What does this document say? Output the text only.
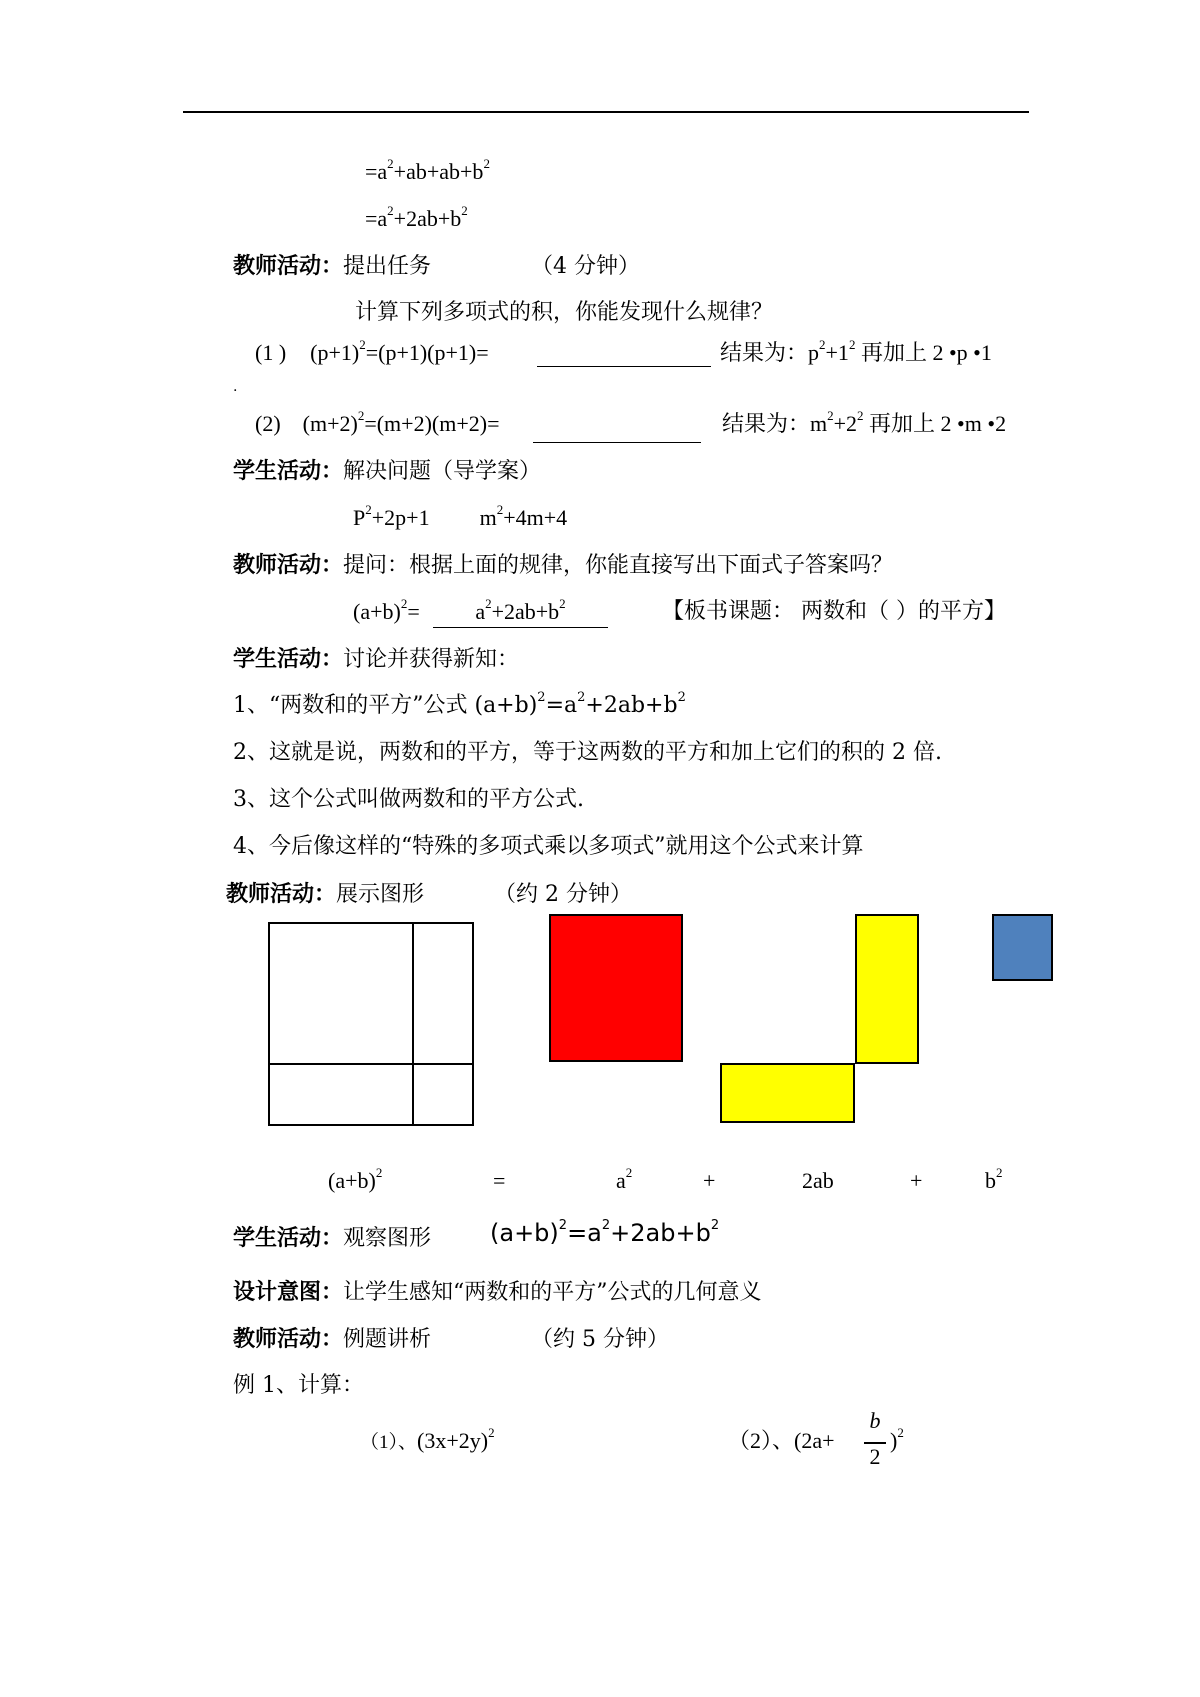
$=a^2+ab+ab+b^2$
$=a^2+2ab+b^2$
教师活动：提出任务	（4 分钟）
计算下列多项式的积，你能发现什么规律？
(1 ) $(p+1)^2=(p+1)(p+1)=$	结果为：$p^2+1^2$ 再加上 2 •p •1
.
(2) $(m+2)^2=(m+2)(m+2)=$	结果为：$m^2+2^2$ 再加上 2 •m •2
学生活动：解决问题（导学案）
$P^2+2p+1$ $m^2+4m+4$
教师活动：提问：根据上面的规律，你能直接写出下面式子答案吗？
$(a+b)^2=$	$a^2+2ab+b^2$	【板书课题： 两数和（ ）的平方】
学生活动：讨论并获得新知：
1、“两数和的平方”公式 $(a+b)^2=a^2+2ab+b^2$
2、这就是说，两数和的平方，等于这两数的平方和加上它们的积的 2 倍.
3、这个公式叫做两数和的平方公式.
4、今后像这样的“特殊的多项式乘以多项式”就用这个公式来计算
教师活动：展示图形	（约 2 分钟）
$(a+b)^2$	=	$a^2$	+	2ab	+	$b^2$
学生活动：观察图形 $(a+b)^2=a^2+2ab+b^2$
设计意图：让学生感知“两数和的平方”公式的几何意义
教师活动：例题讲析	（约 5 分钟）
例 1、计算：
（1）、$(3x+2y)^2$	（2）、(2a+
b
2
)$^2$
